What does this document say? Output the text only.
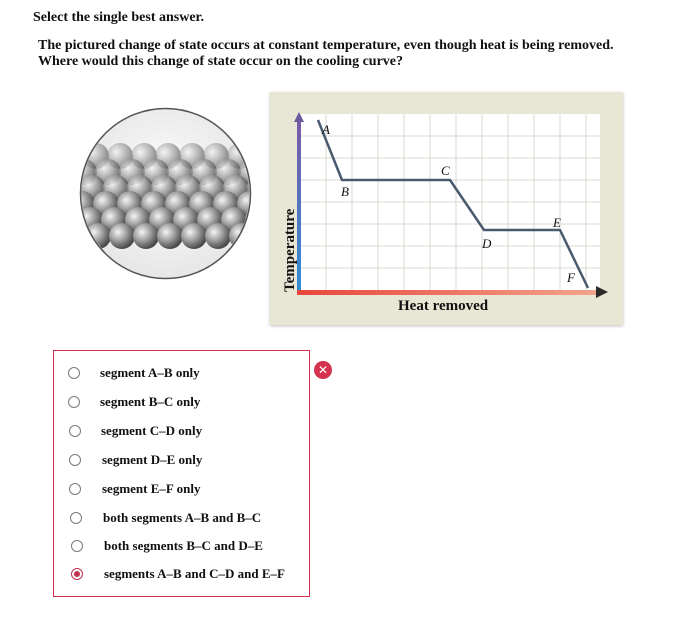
Select the single best answer.
The pictured change of state occurs at constant temperature, even though heat is being removed.
Where would this change of state occur on the cooling curve?
Temperature
Heat removed
A
B
C
D
E
F
✕
segment A–B only
segment B–C only
segment C–D only
segment D–E only
segment E–F only
both segments A–B and B–C
both segments B–C and D–E
segments A–B and C–D and E–F
